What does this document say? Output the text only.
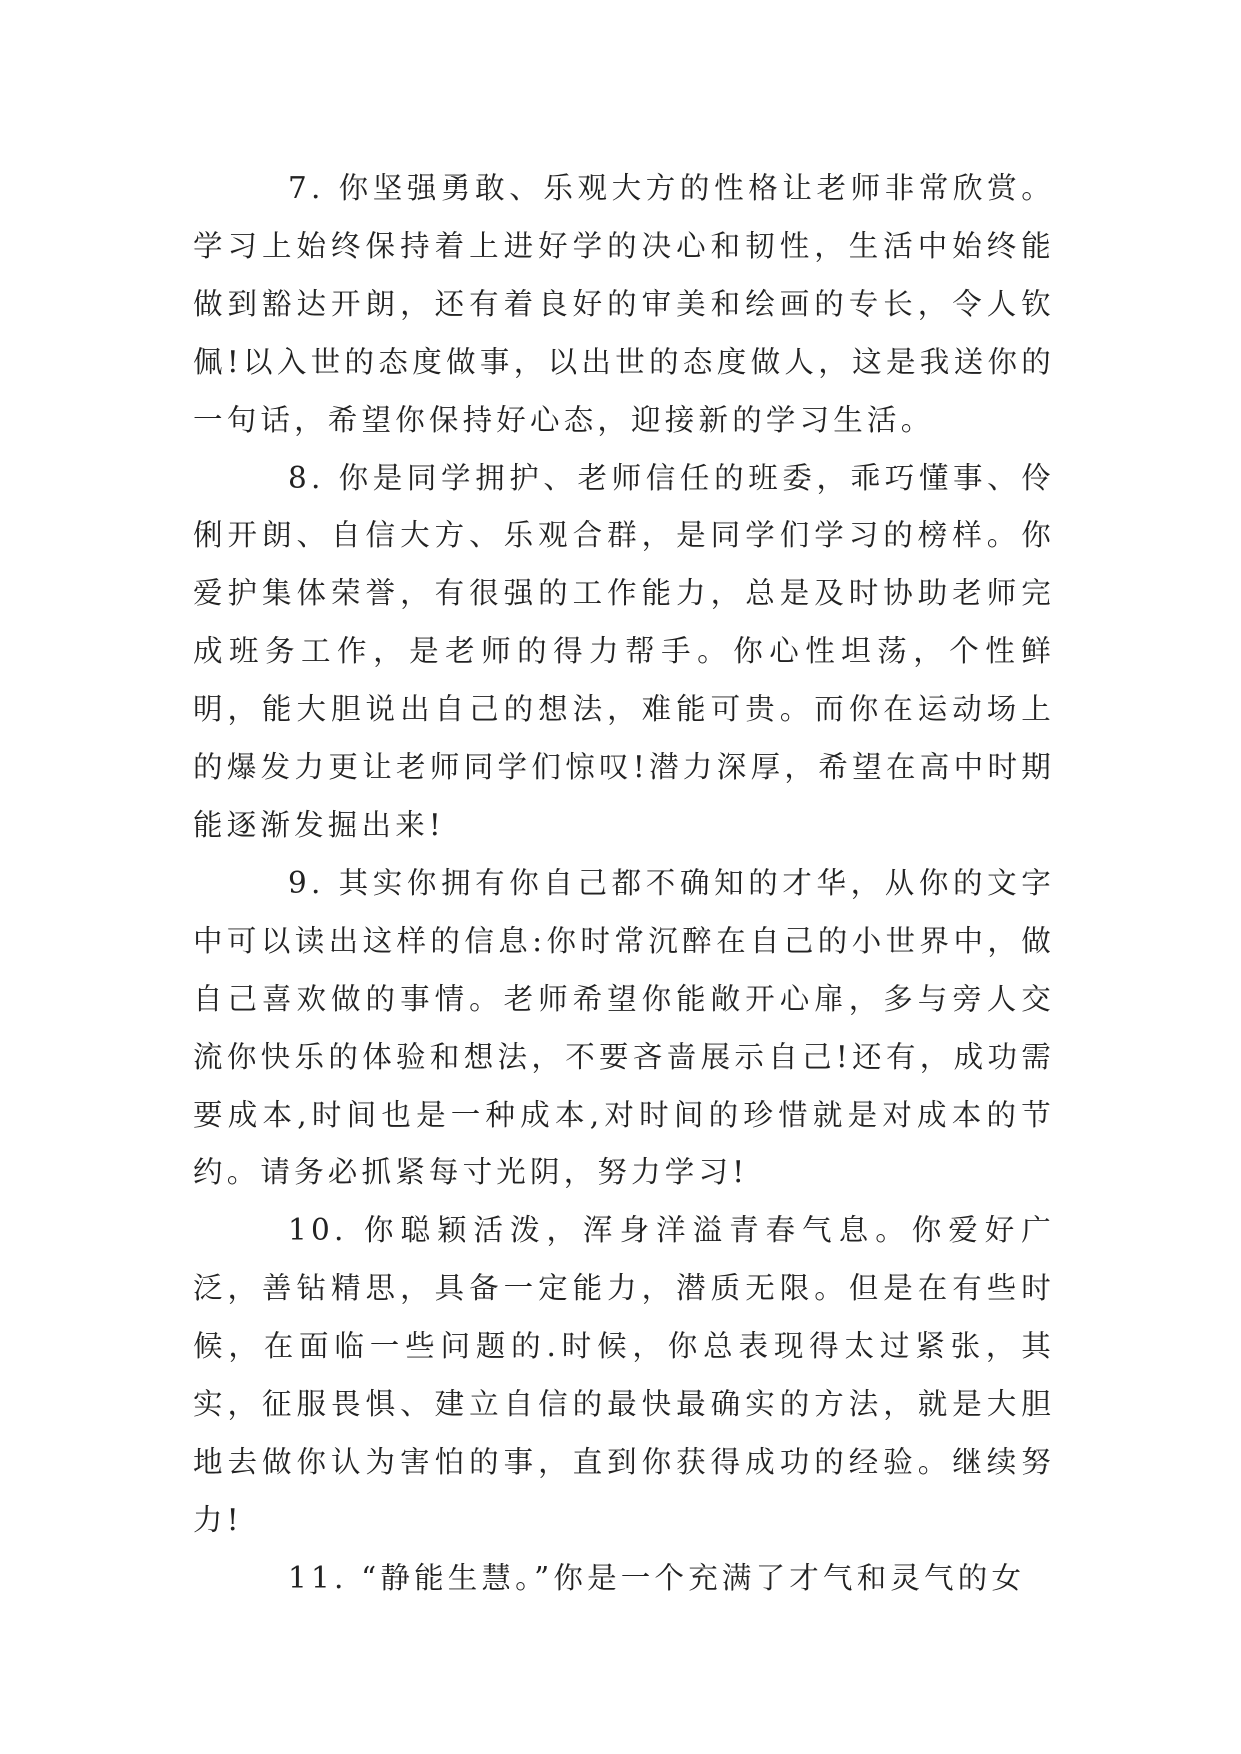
7. 你坚强勇敢、乐观大方的性格让老师非常欣赏。学习上始终保持着上进好学的决心和韧性，生活中始终能做到豁达开朗，还有着良好的审美和绘画的专长，令人钦佩!以入世的态度做事，以出世的态度做人，这是我送你的一句话，希望你保持好心态，迎接新的学习生活。

8. 你是同学拥护、老师信任的班委，乖巧懂事、伶俐开朗、自信大方、乐观合群，是同学们学习的榜样。你爱护集体荣誉，有很强的工作能力，总是及时协助老师完成班务工作，是老师的得力帮手。你心性坦荡，个性鲜明，能大胆说出自己的想法，难能可贵。而你在运动场上的爆发力更让老师同学们惊叹!潜力深厚，希望在高中时期能逐渐发掘出来!

9. 其实你拥有你自己都不确知的才华，从你的文字中可以读出这样的信息:你时常沉醉在自己的小世界中，做自己喜欢做的事情。老师希望你能敞开心扉，多与旁人交流你快乐的体验和想法，不要吝啬展示自己!还有，成功需要成本,时间也是一种成本,对时间的珍惜就是对成本的节约。请务必抓紧每寸光阴，努力学习!

10. 你聪颖活泼，浑身洋溢青春气息。你爱好广泛，善钻精思，具备一定能力，潜质无限。但是在有些时候，在面临一些问题的.时候，你总表现得太过紧张，其实，征服畏惧、建立自信的最快最确实的方法，就是大胆地去做你认为害怕的事，直到你获得成功的经验。继续努力!

11. “静能生慧。”你是一个充满了才气和灵气的女
